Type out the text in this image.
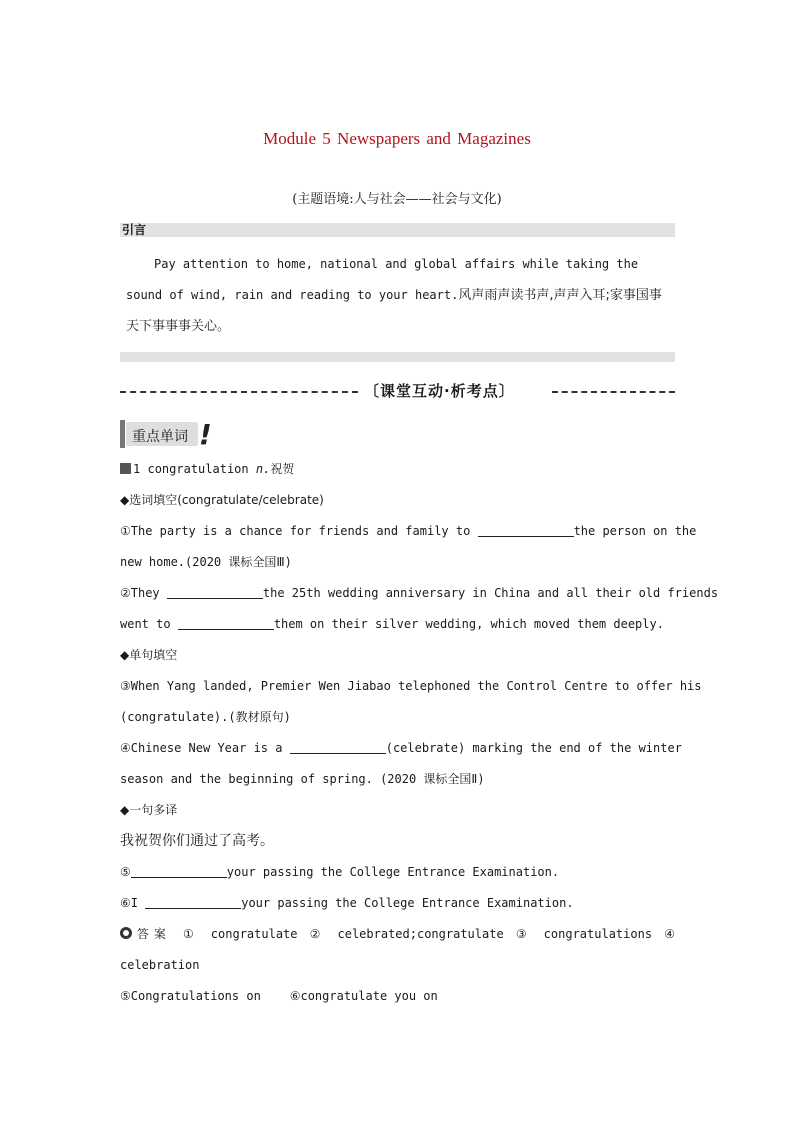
Module 5 Newspapers and Magazines
(主题语境:人与社会——社会与文化)
引言

Pay attention to home, national and global affairs while taking the sound of wind, rain and reading to your heart.风声雨声读书声,声声入耳;家事国事天下事事事关心。

〔课堂互动·析考点〕
重点单词 !
1 congratulation n.祝贺
◆选词填空(congratulate/celebrate)
①The party is a chance for friends and family to	the person on the
new home.(2020 课标全国Ⅲ)
②They	the 25th wedding anniversary in China and all their old friends
went to	them on their silver wedding, which moved them deeply.
◆单句填空
③When Yang landed, Premier Wen Jiabao telephoned the Control Centre to offer his
(congratulate).(教材原句)
④Chinese New Year is a	(celebrate) marking the end of the winter
season and the beginning of spring. (2020 课标全国Ⅱ)
◆一句多译
我祝贺你们通过了高考。
⑤	your passing the College Entrance Examination.
⑥I	your passing the College Entrance Examination.
答案 ① congratulate ② celebrated;congratulate ③ congratulations ④
celebration
⑤Congratulations on ⑥congratulate you on
